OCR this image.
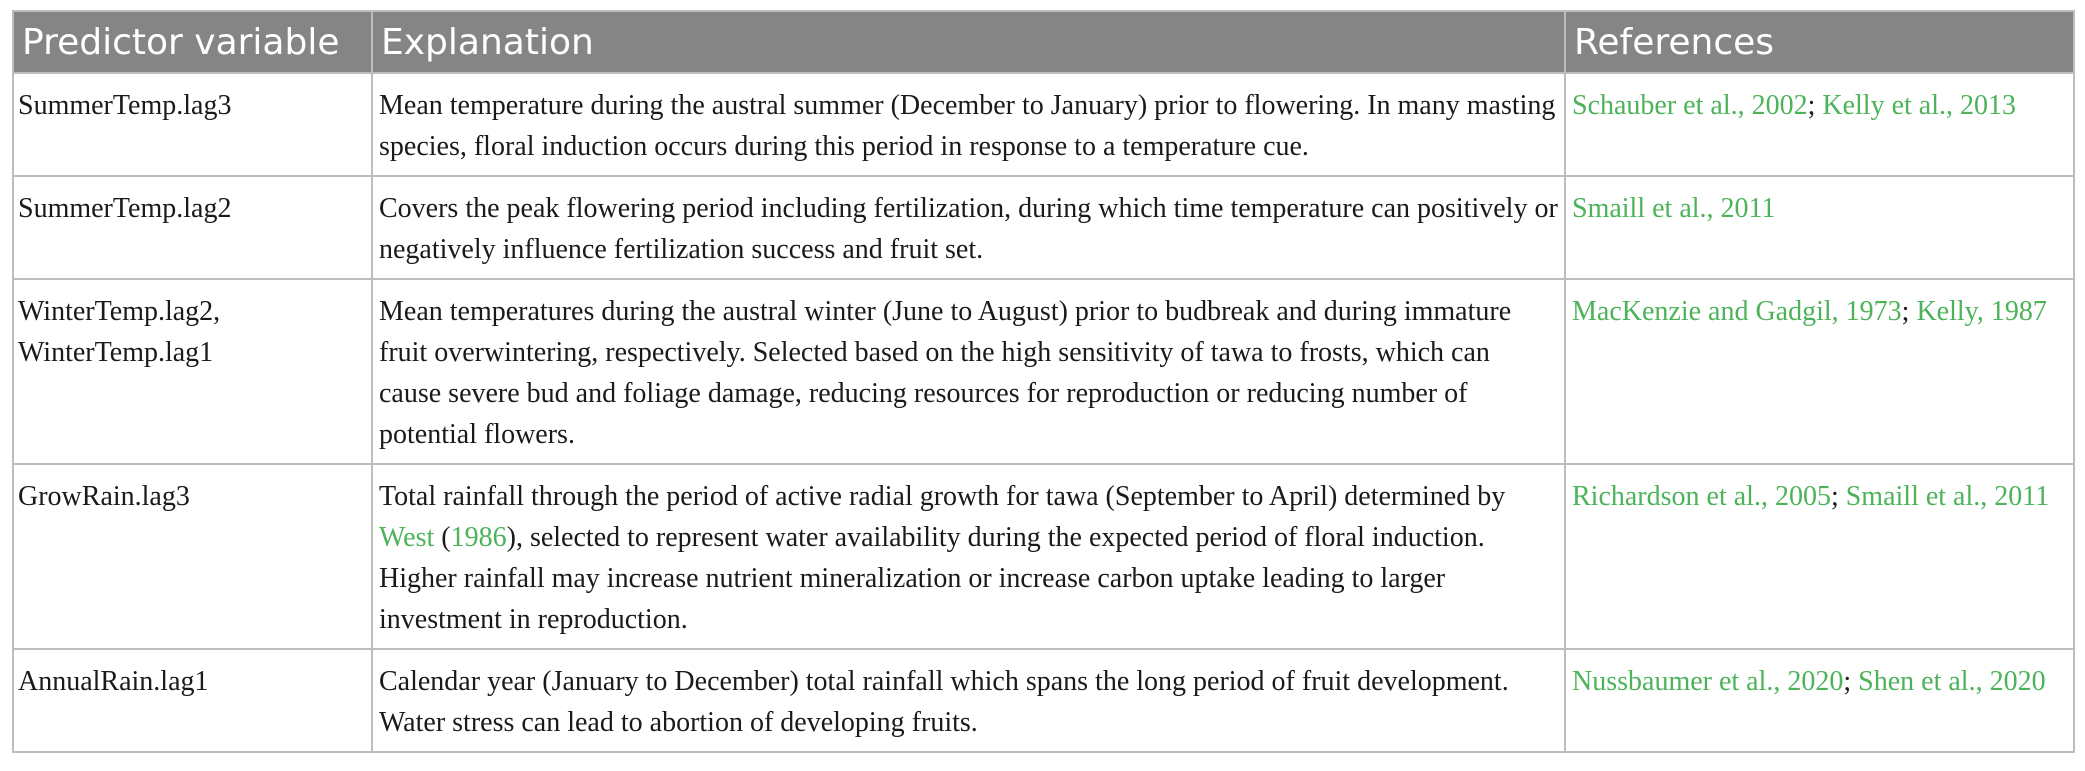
Predictor variable	Explanation	References
SummerTemp.lag3	Mean temperature during the austral summer (December to January) prior to flowering. In many masting species, floral induction occurs during this period in response to a temperature cue.	Schauber et al., 2002; Kelly et al., 2013
SummerTemp.lag2	Covers the peak flowering period including fertilization, during which time temperature can positively or negatively influence fertilization success and fruit set.	Smaill et al., 2011
WinterTemp.lag2, WinterTemp.lag1	Mean temperatures during the austral winter (June to August) prior to budbreak and during immature fruit overwintering, respectively. Selected based on the high sensitivity of tawa to frosts, which can cause severe bud and foliage damage, reducing resources for reproduction or reducing number of potential flowers.	MacKenzie and Gadgil, 1973; Kelly, 1987
GrowRain.lag3	Total rainfall through the period of active radial growth for tawa (September to April) determined by West (1986), selected to represent water availability during the expected period of floral induction. Higher rainfall may increase nutrient mineralization or increase carbon uptake leading to larger investment in reproduction.	Richardson et al., 2005; Smaill et al., 2011
AnnualRain.lag1	Calendar year (January to December) total rainfall which spans the long period of fruit development. Water stress can lead to abortion of developing fruits.	Nussbaumer et al., 2020; Shen et al., 2020
